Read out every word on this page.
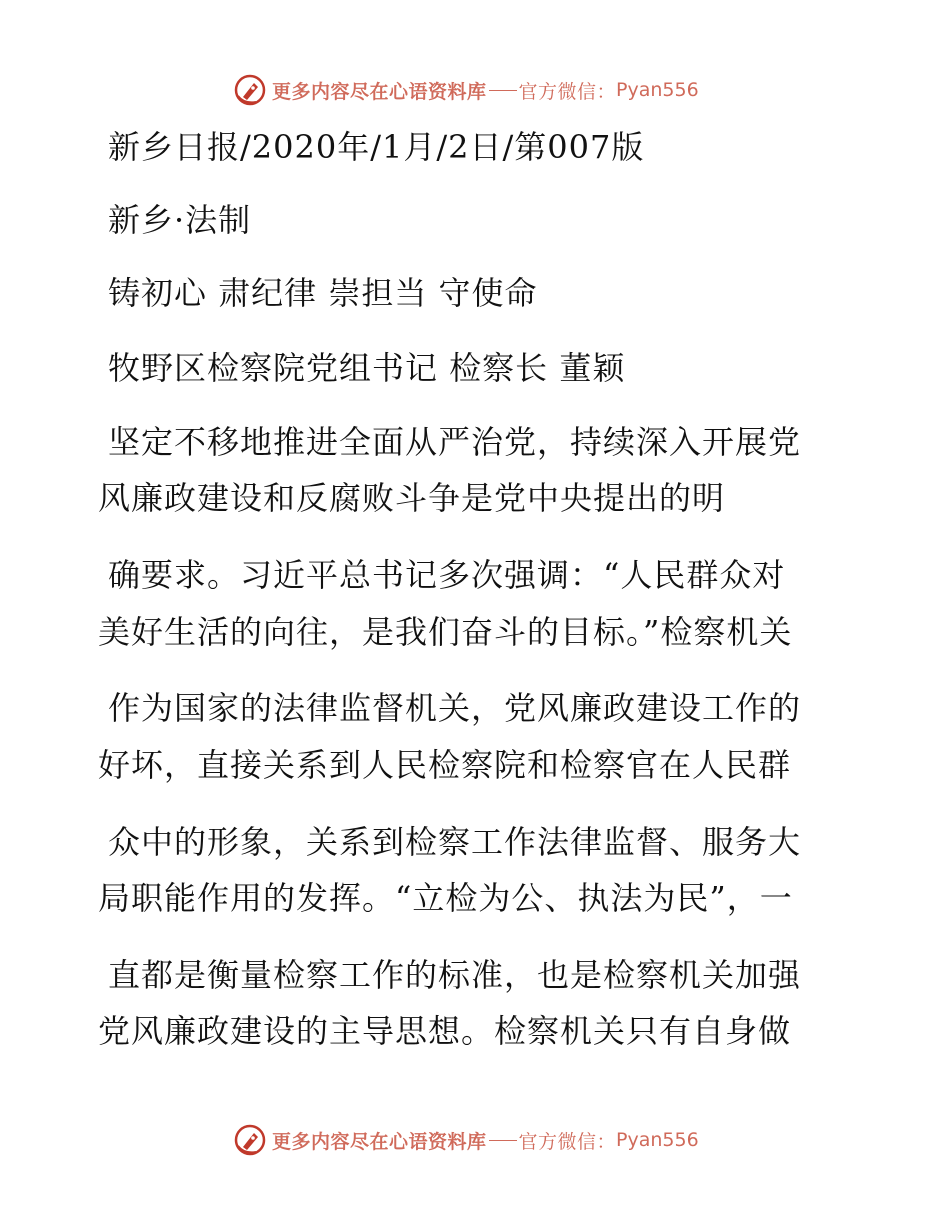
更多内容尽在心语资料库 官方微信： Pyan556
新乡日报/2020年/1月/2日/第007版
新乡·法制
铸初心 肃纪律 崇担当 守使命
牧野区检察院党组书记 检察长 董颖
坚定不移地推进全面从严治党，持续深入开展党
风廉政建设和反腐败斗争是党中央提出的明
确要求。习近平总书记多次强调：“人民群众对
美好生活的向往，是我们奋斗的目标。”检察机关
作为国家的法律监督机关，党风廉政建设工作的
好坏，直接关系到人民检察院和检察官在人民群
众中的形象，关系到检察工作法律监督、服务大
局职能作用的发挥。“立检为公、执法为民”，一
直都是衡量检察工作的标准，也是检察机关加强
党风廉政建设的主导思想。检察机关只有自身做
更多内容尽在心语资料库 官方微信： Pyan556
